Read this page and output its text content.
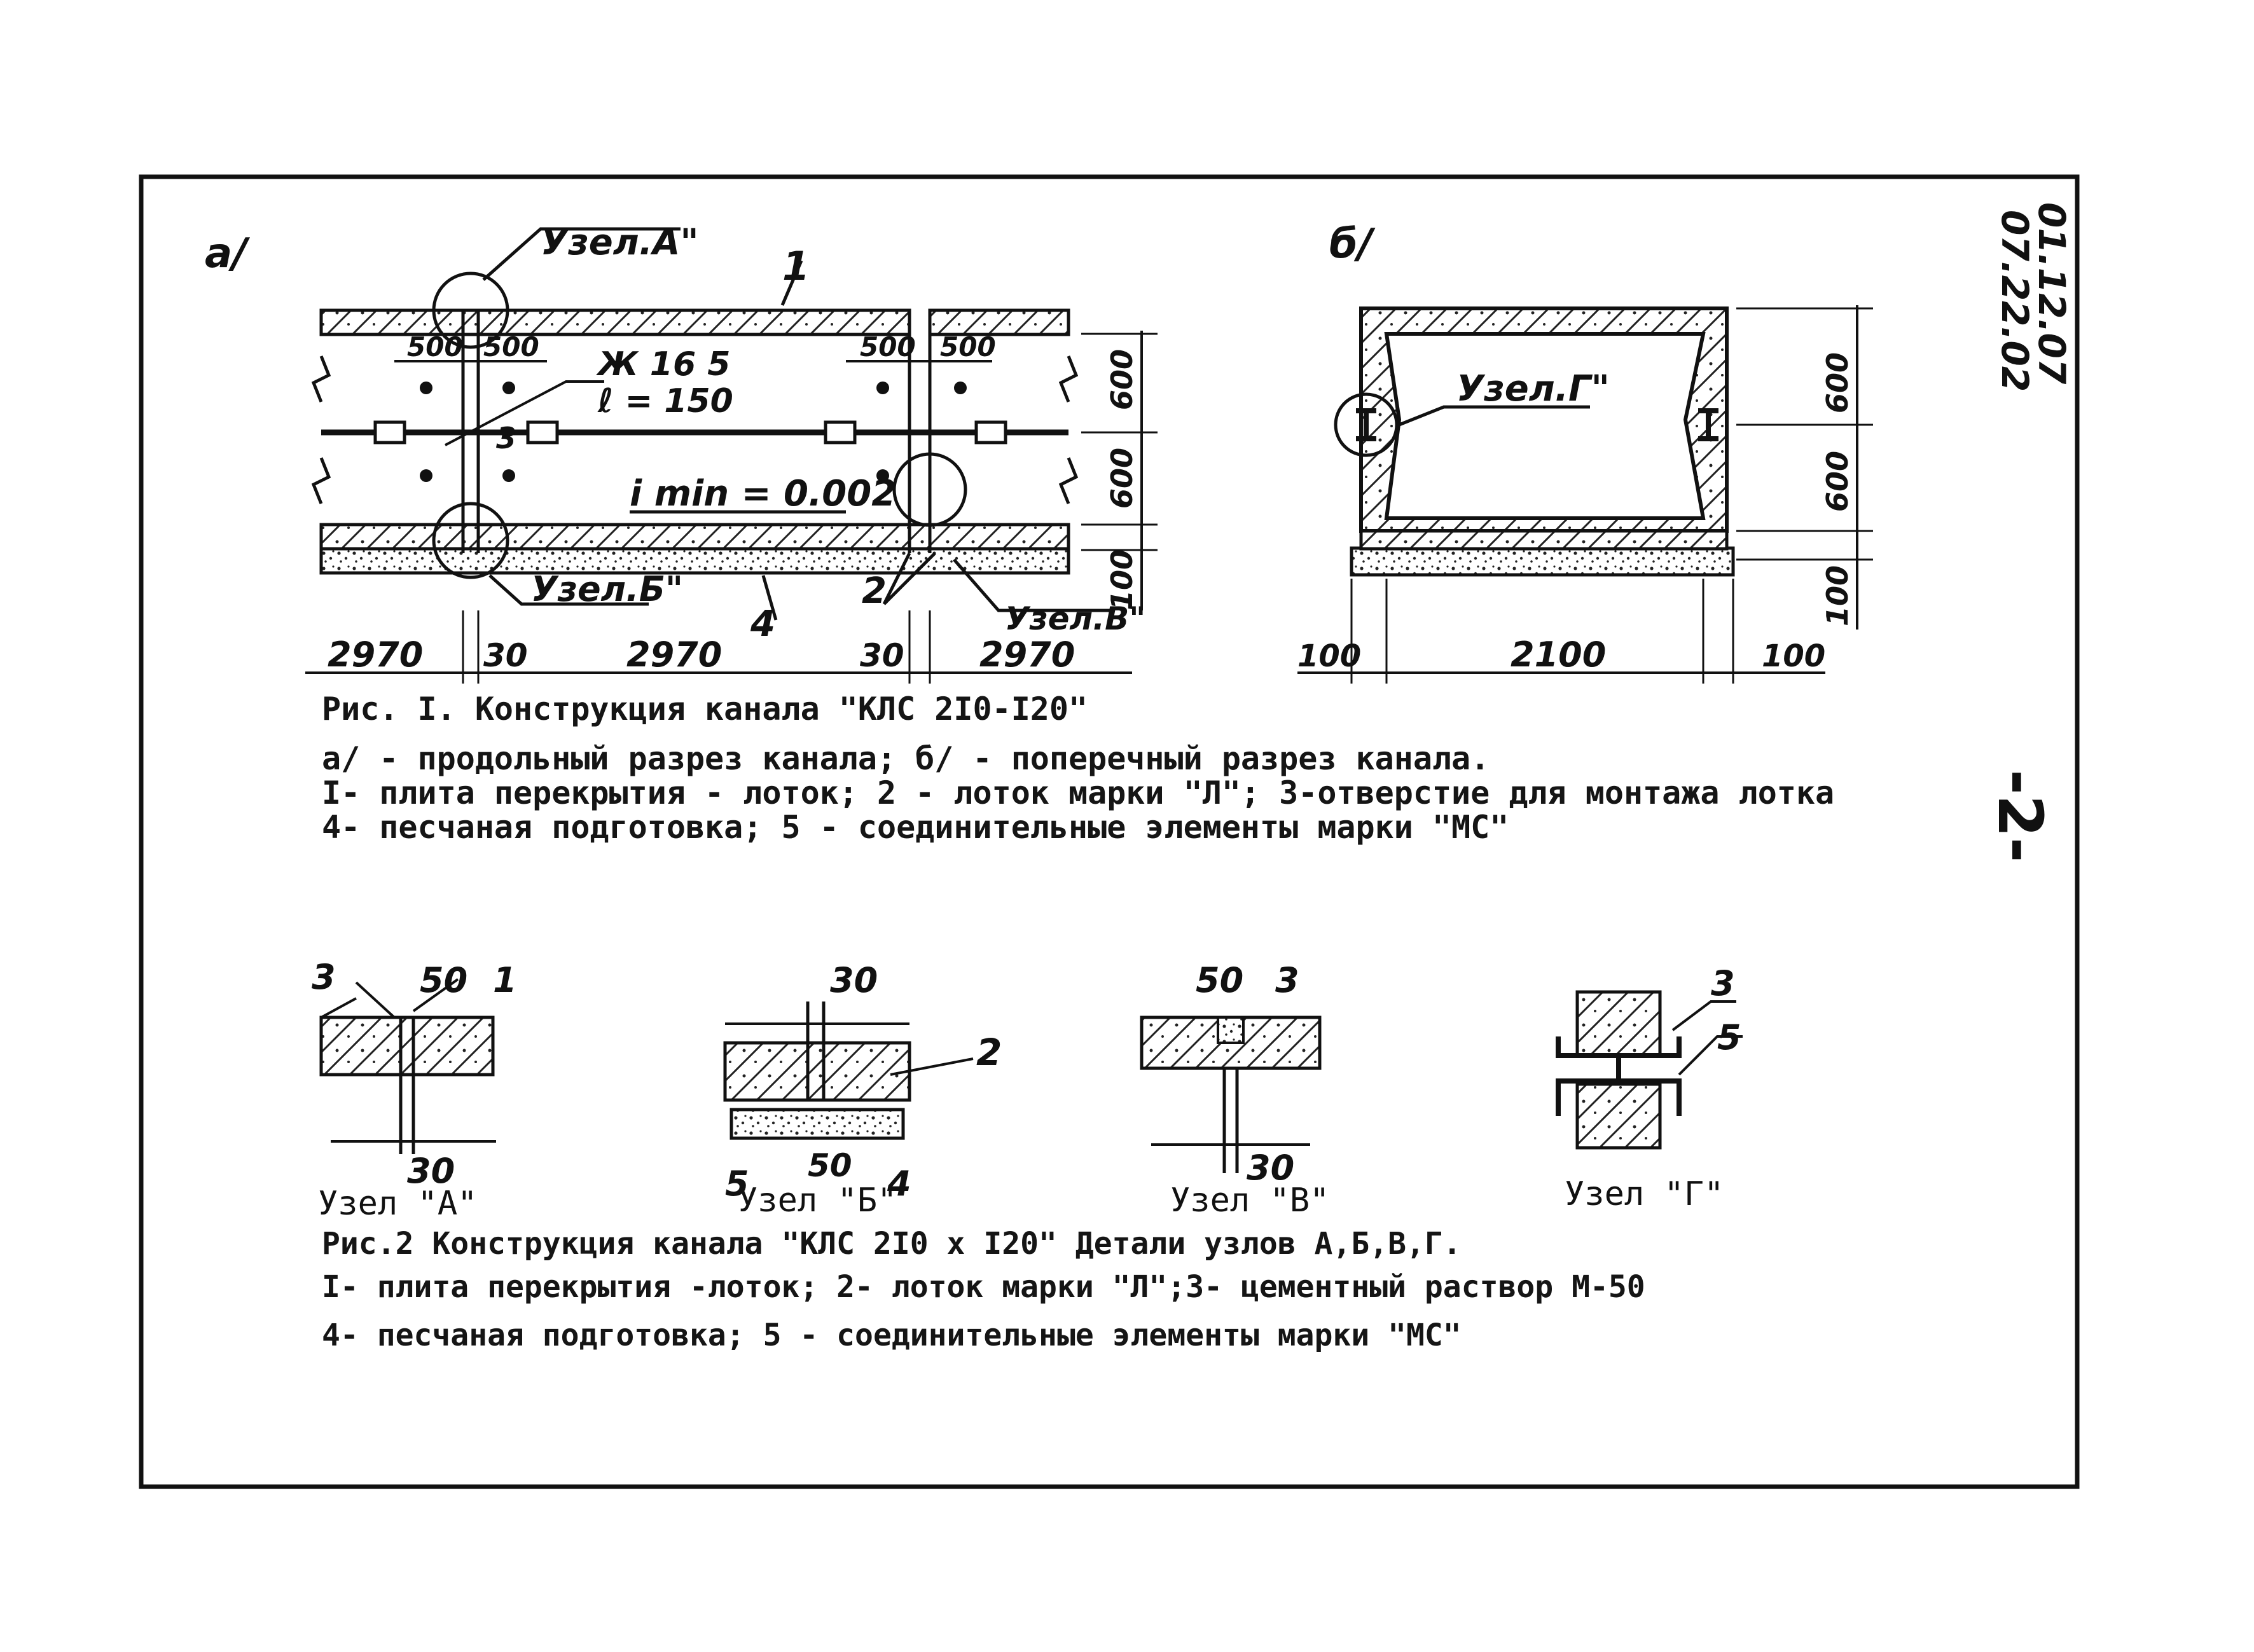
а/	Узел.А"
Узел.Б"
Узел.В"
1
2
3
4
Ж 16 5
ℓ = 150
i min = 0.002
500 500	500 500
600
600
100
2970 30	2970	30 2970
б/
Узел.Г"	600
600
100
100	2100	100
3 50 1
30
Узел "А"
30
2
5 50 4
Узел "Б"
50 3
30
Узел "В"
3
5
Узел "Г"
Рис. I. Конструкция канала "КЛС 2I0-I20"
а/ - продольный разрез канала; б/ - поперечный разрез канала.
I- плита перекрытия - лоток; 2 - лоток марки "Л"; 3-отверстие для монтажа лотка
4- песчаная подготовка; 5 - соединительные элементы марки "МС"
Рис.2 Конструкция канала "КЛС 2I0 х I20" Детали узлов А,Б,В,Г.
I- плита перекрытия -лоток; 2- лоток марки "Л";3- цементный раствор М-50
4- песчаная подготовка; 5 - соединительные элементы марки "МС"
01.12.07
07.22.02
-2-
